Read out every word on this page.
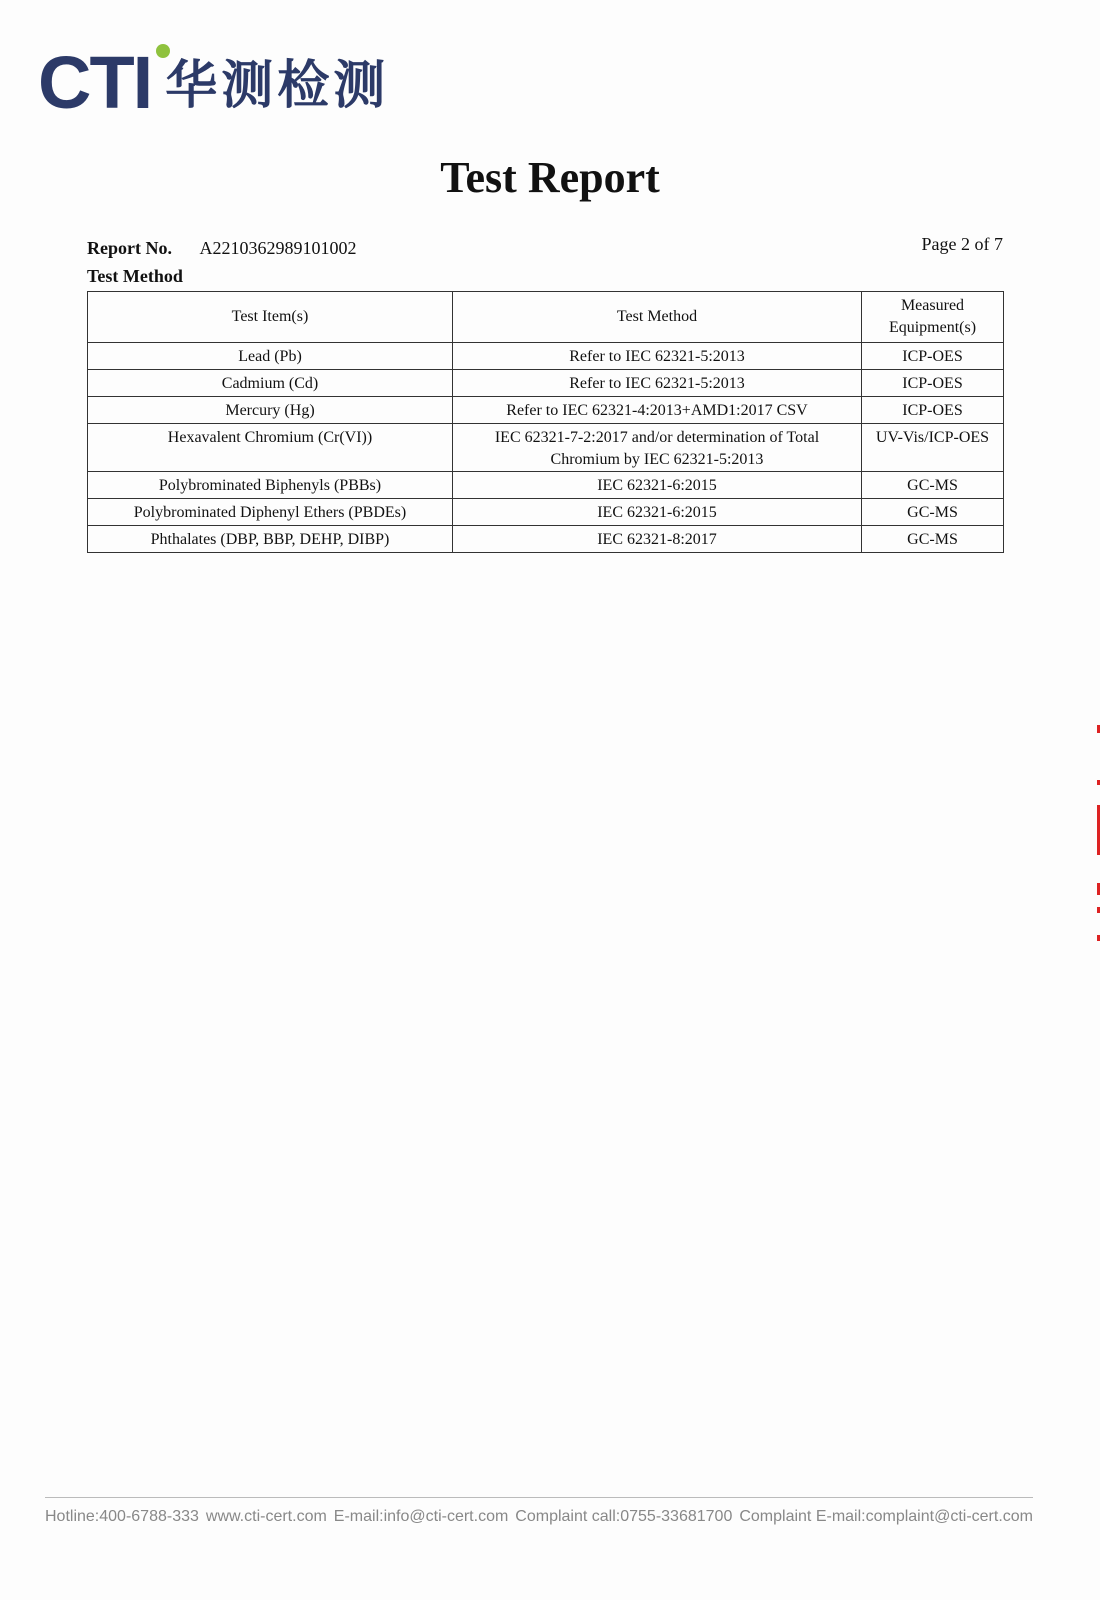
CTI 华测检测
Test Report
Report No. A2210362989101002	Page 2 of 7
Test Method
Test Item(s)	Test Method	Measured Equipment(s)
Lead (Pb)	Refer to IEC 62321-5:2013	ICP-OES
Cadmium (Cd)	Refer to IEC 62321-5:2013	ICP-OES
Mercury (Hg)	Refer to IEC 62321-4:2013+AMD1:2017 CSV	ICP-OES
Hexavalent Chromium (Cr(VI))	IEC 62321-7-2:2017 and/or determination of Total Chromium by IEC 62321-5:2013	UV-Vis/ICP-OES
Polybrominated Biphenyls (PBBs)	IEC 62321-6:2015	GC-MS
Polybrominated Diphenyl Ethers (PBDEs)	IEC 62321-6:2015	GC-MS
Phthalates (DBP, BBP, DEHP, DIBP)	IEC 62321-8:2017	GC-MS
Hotline:400-6788-333 www.cti-cert.com E-mail:info@cti-cert.com Complaint call:0755-33681700 Complaint E-mail:complaint@cti-cert.com
